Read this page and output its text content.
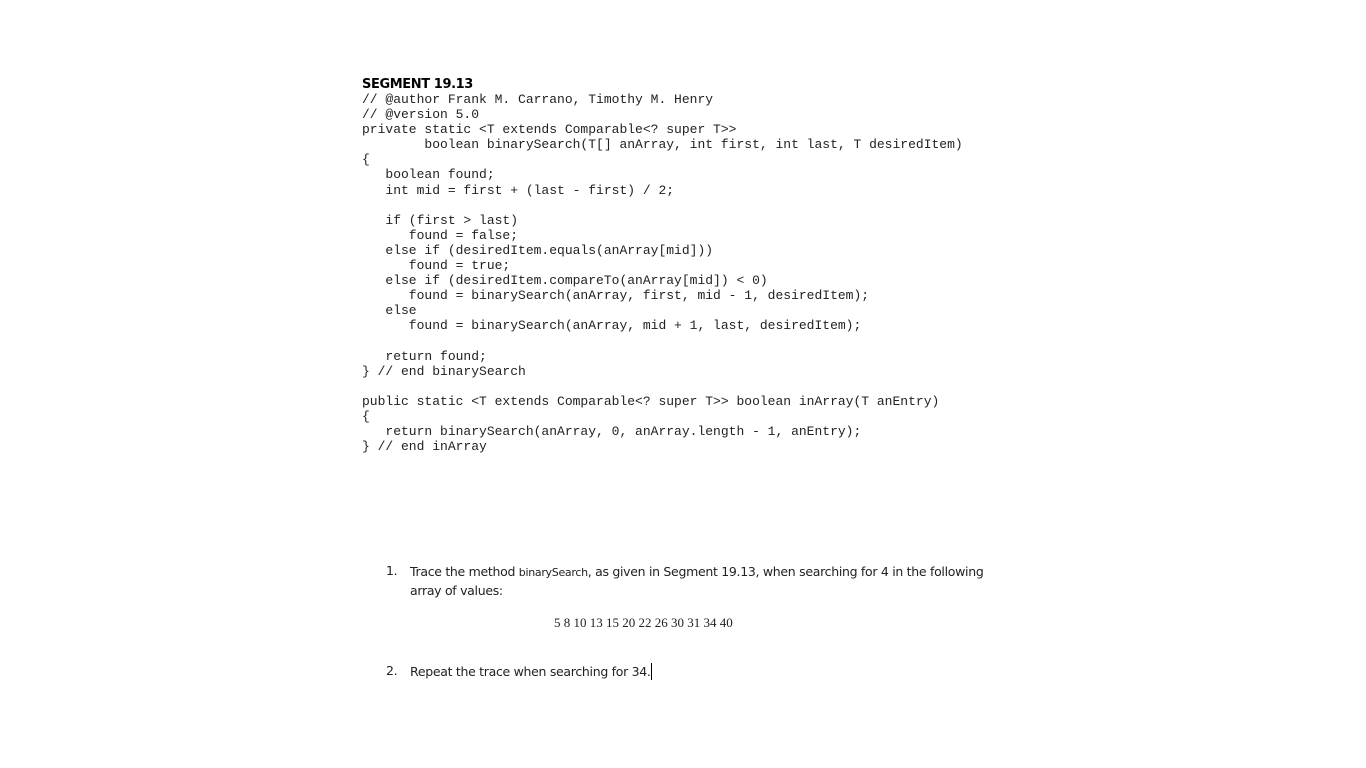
SEGMENT 19.13
// @author Frank M. Carrano, Timothy M. Henry
// @version 5.0
private static <T extends Comparable<? super T>>
boolean binarySearch(T[] anArray, int first, int last, T desiredItem)
{
boolean found;
int mid = first + (last - first) / 2;
if (first > last)
found = false;
else if (desiredItem.equals(anArray[mid]))
found = true;
else if (desiredItem.compareTo(anArray[mid]) < 0)
found = binarySearch(anArray, first, mid - 1, desiredItem);
else
found = binarySearch(anArray, mid + 1, last, desiredItem);
return found;
} // end binarySearch
public static <T extends Comparable<? super T>> boolean inArray(T anEntry)
{
return binarySearch(anArray, 0, anArray.length - 1, anEntry);
} // end inArray
1. Trace the method binarySearch, as given in Segment 19.13, when searching for 4 in the following
array of values:
5 8 10 13 15 20 22 26 30 31 34 40
2. Repeat the trace when searching for 34.
